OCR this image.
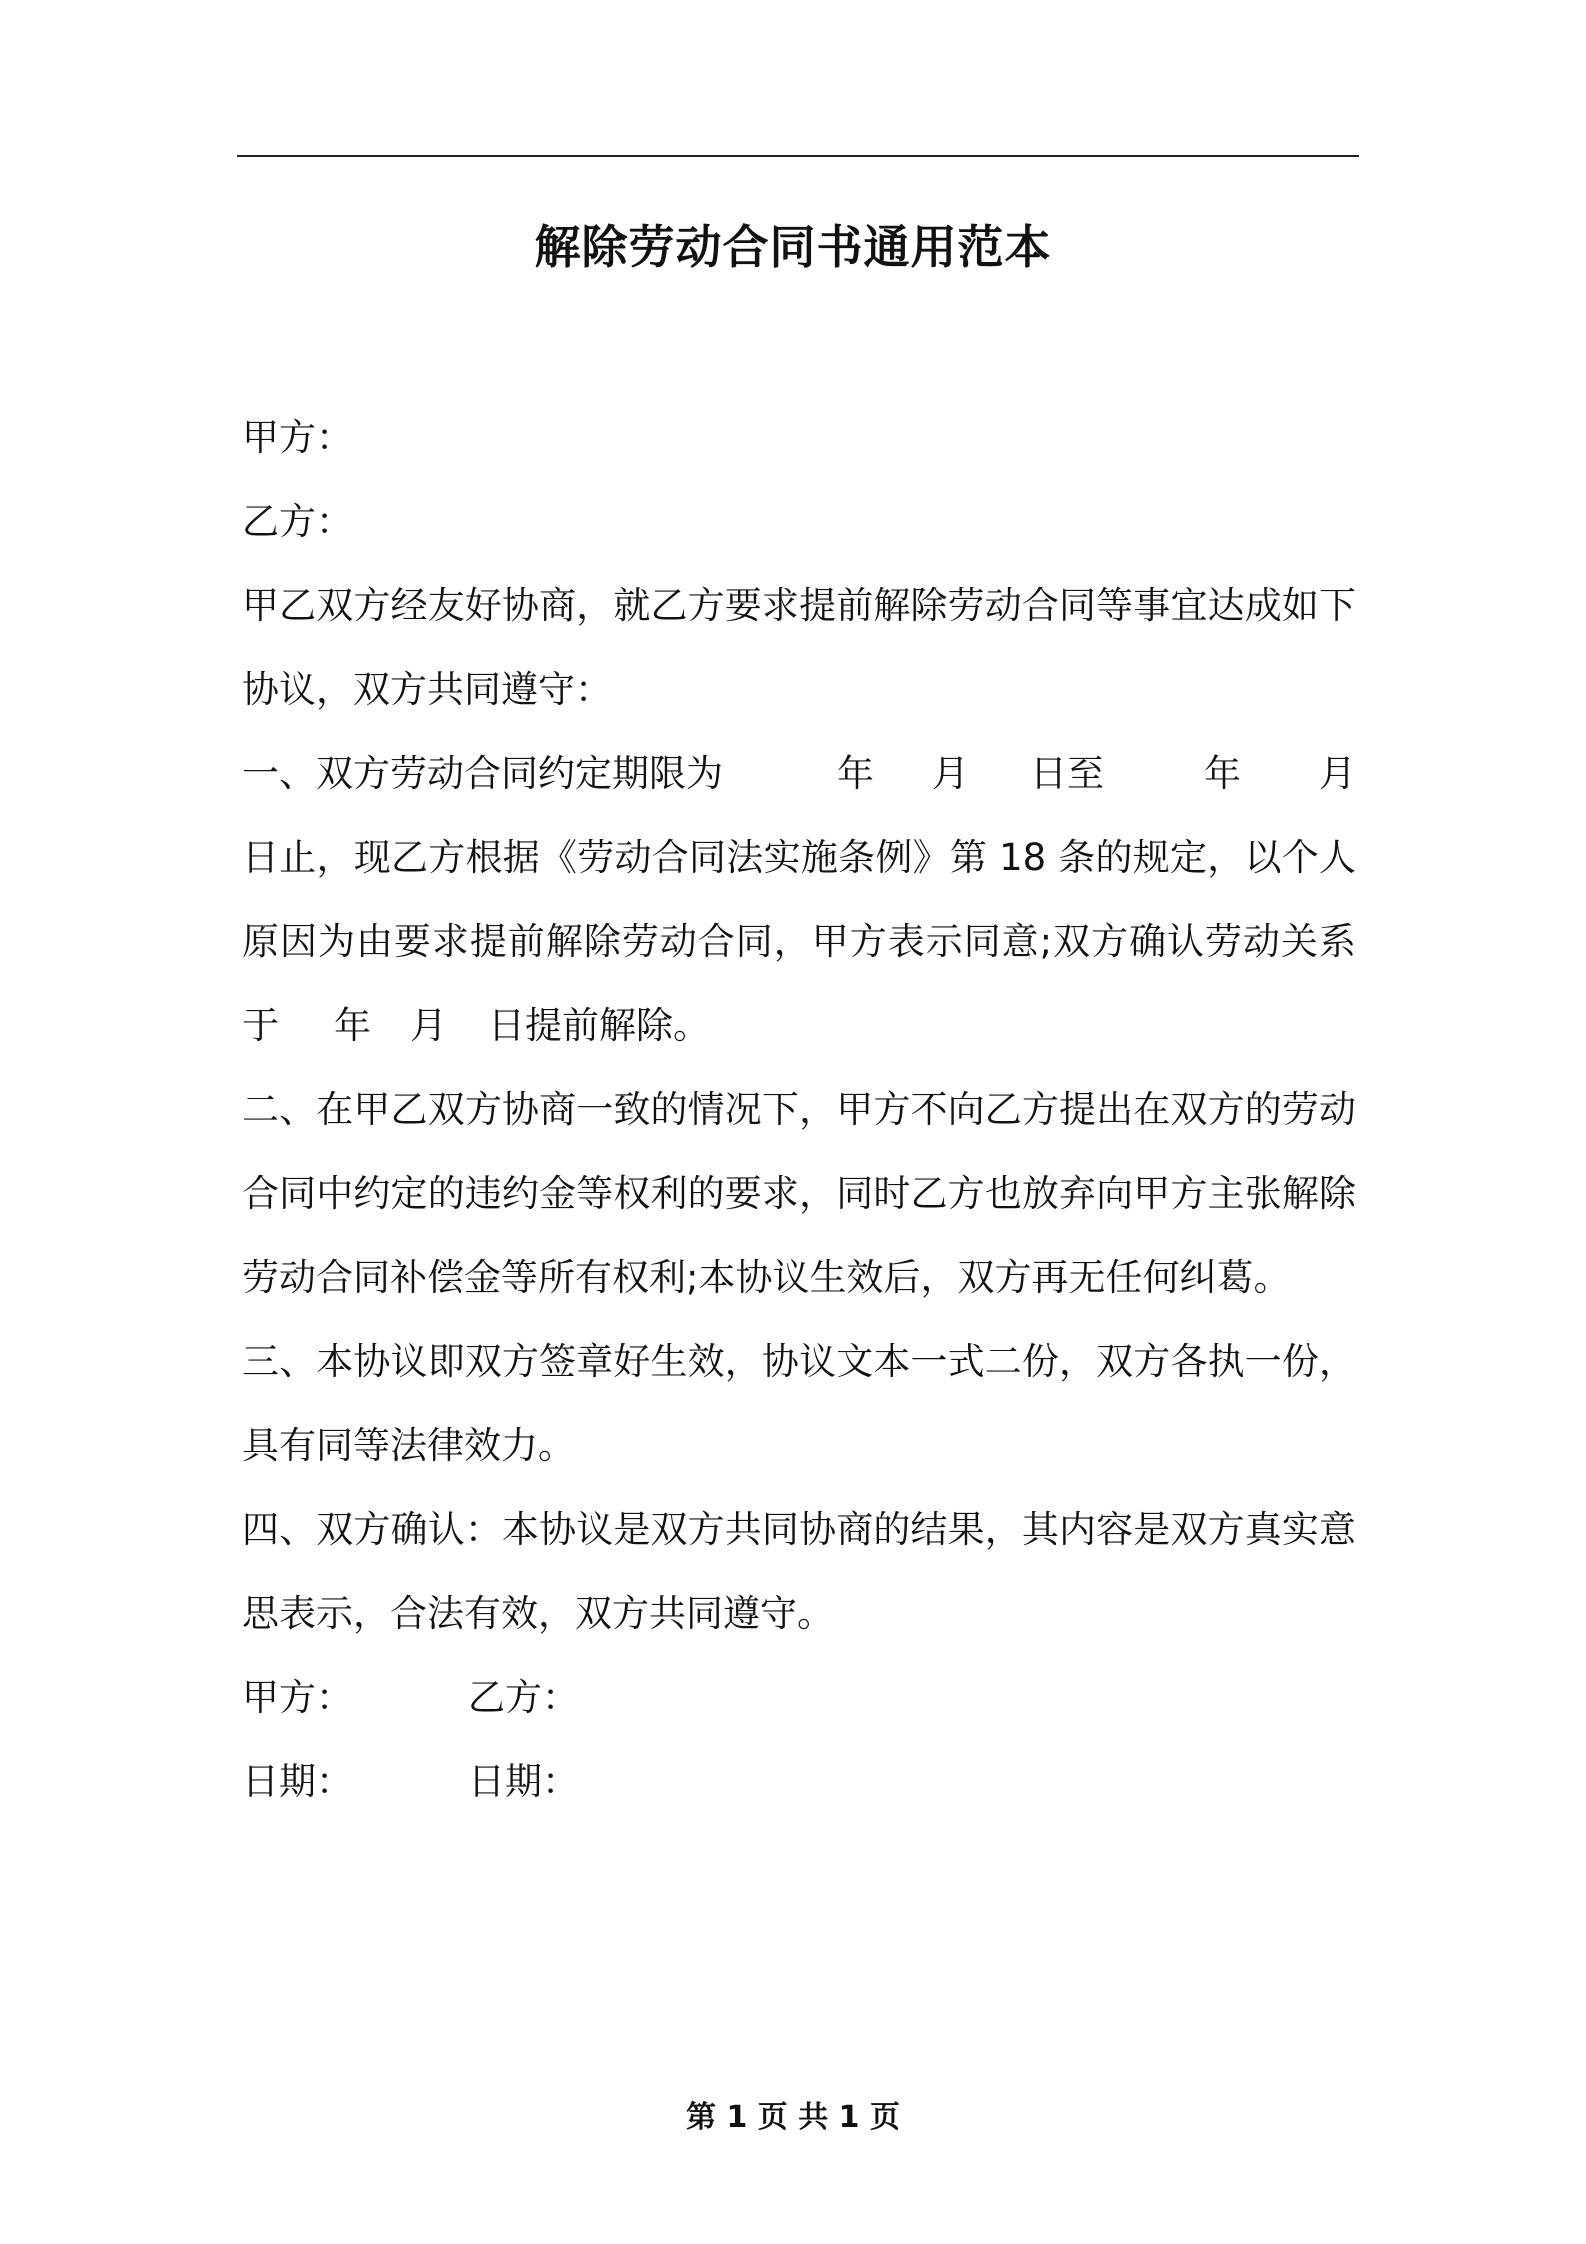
解除劳动合同书通用范本
甲方：
乙方：
甲乙双方经友好协商，就乙方要求提前解除劳动合同等事宜达成如下
协议，双方共同遵守：
一、双方劳动合同约定期限为	年 月 日至	年 月
日止，现乙方根据《劳动合同法实施条例》第 18 条的规定，以个人
原因为由要求提前解除劳动合同，甲方表示同意;双方确认劳动关系
于 年 月 日提前解除。
二、在甲乙双方协商一致的情况下，甲方不向乙方提出在双方的劳动
合同中约定的违约金等权利的要求，同时乙方也放弃向甲方主张解除
劳动合同补偿金等所有权利;本协议生效后，双方再无任何纠葛。
三、本协议即双方签章好生效，协议文本一式二份，双方各执一份，
具有同等法律效力。
四、双方确认：本协议是双方共同协商的结果，其内容是双方真实意
思表示，合法有效，双方共同遵守。
甲方：	乙方：
日期：	日期：
第 1 页 共 1 页
